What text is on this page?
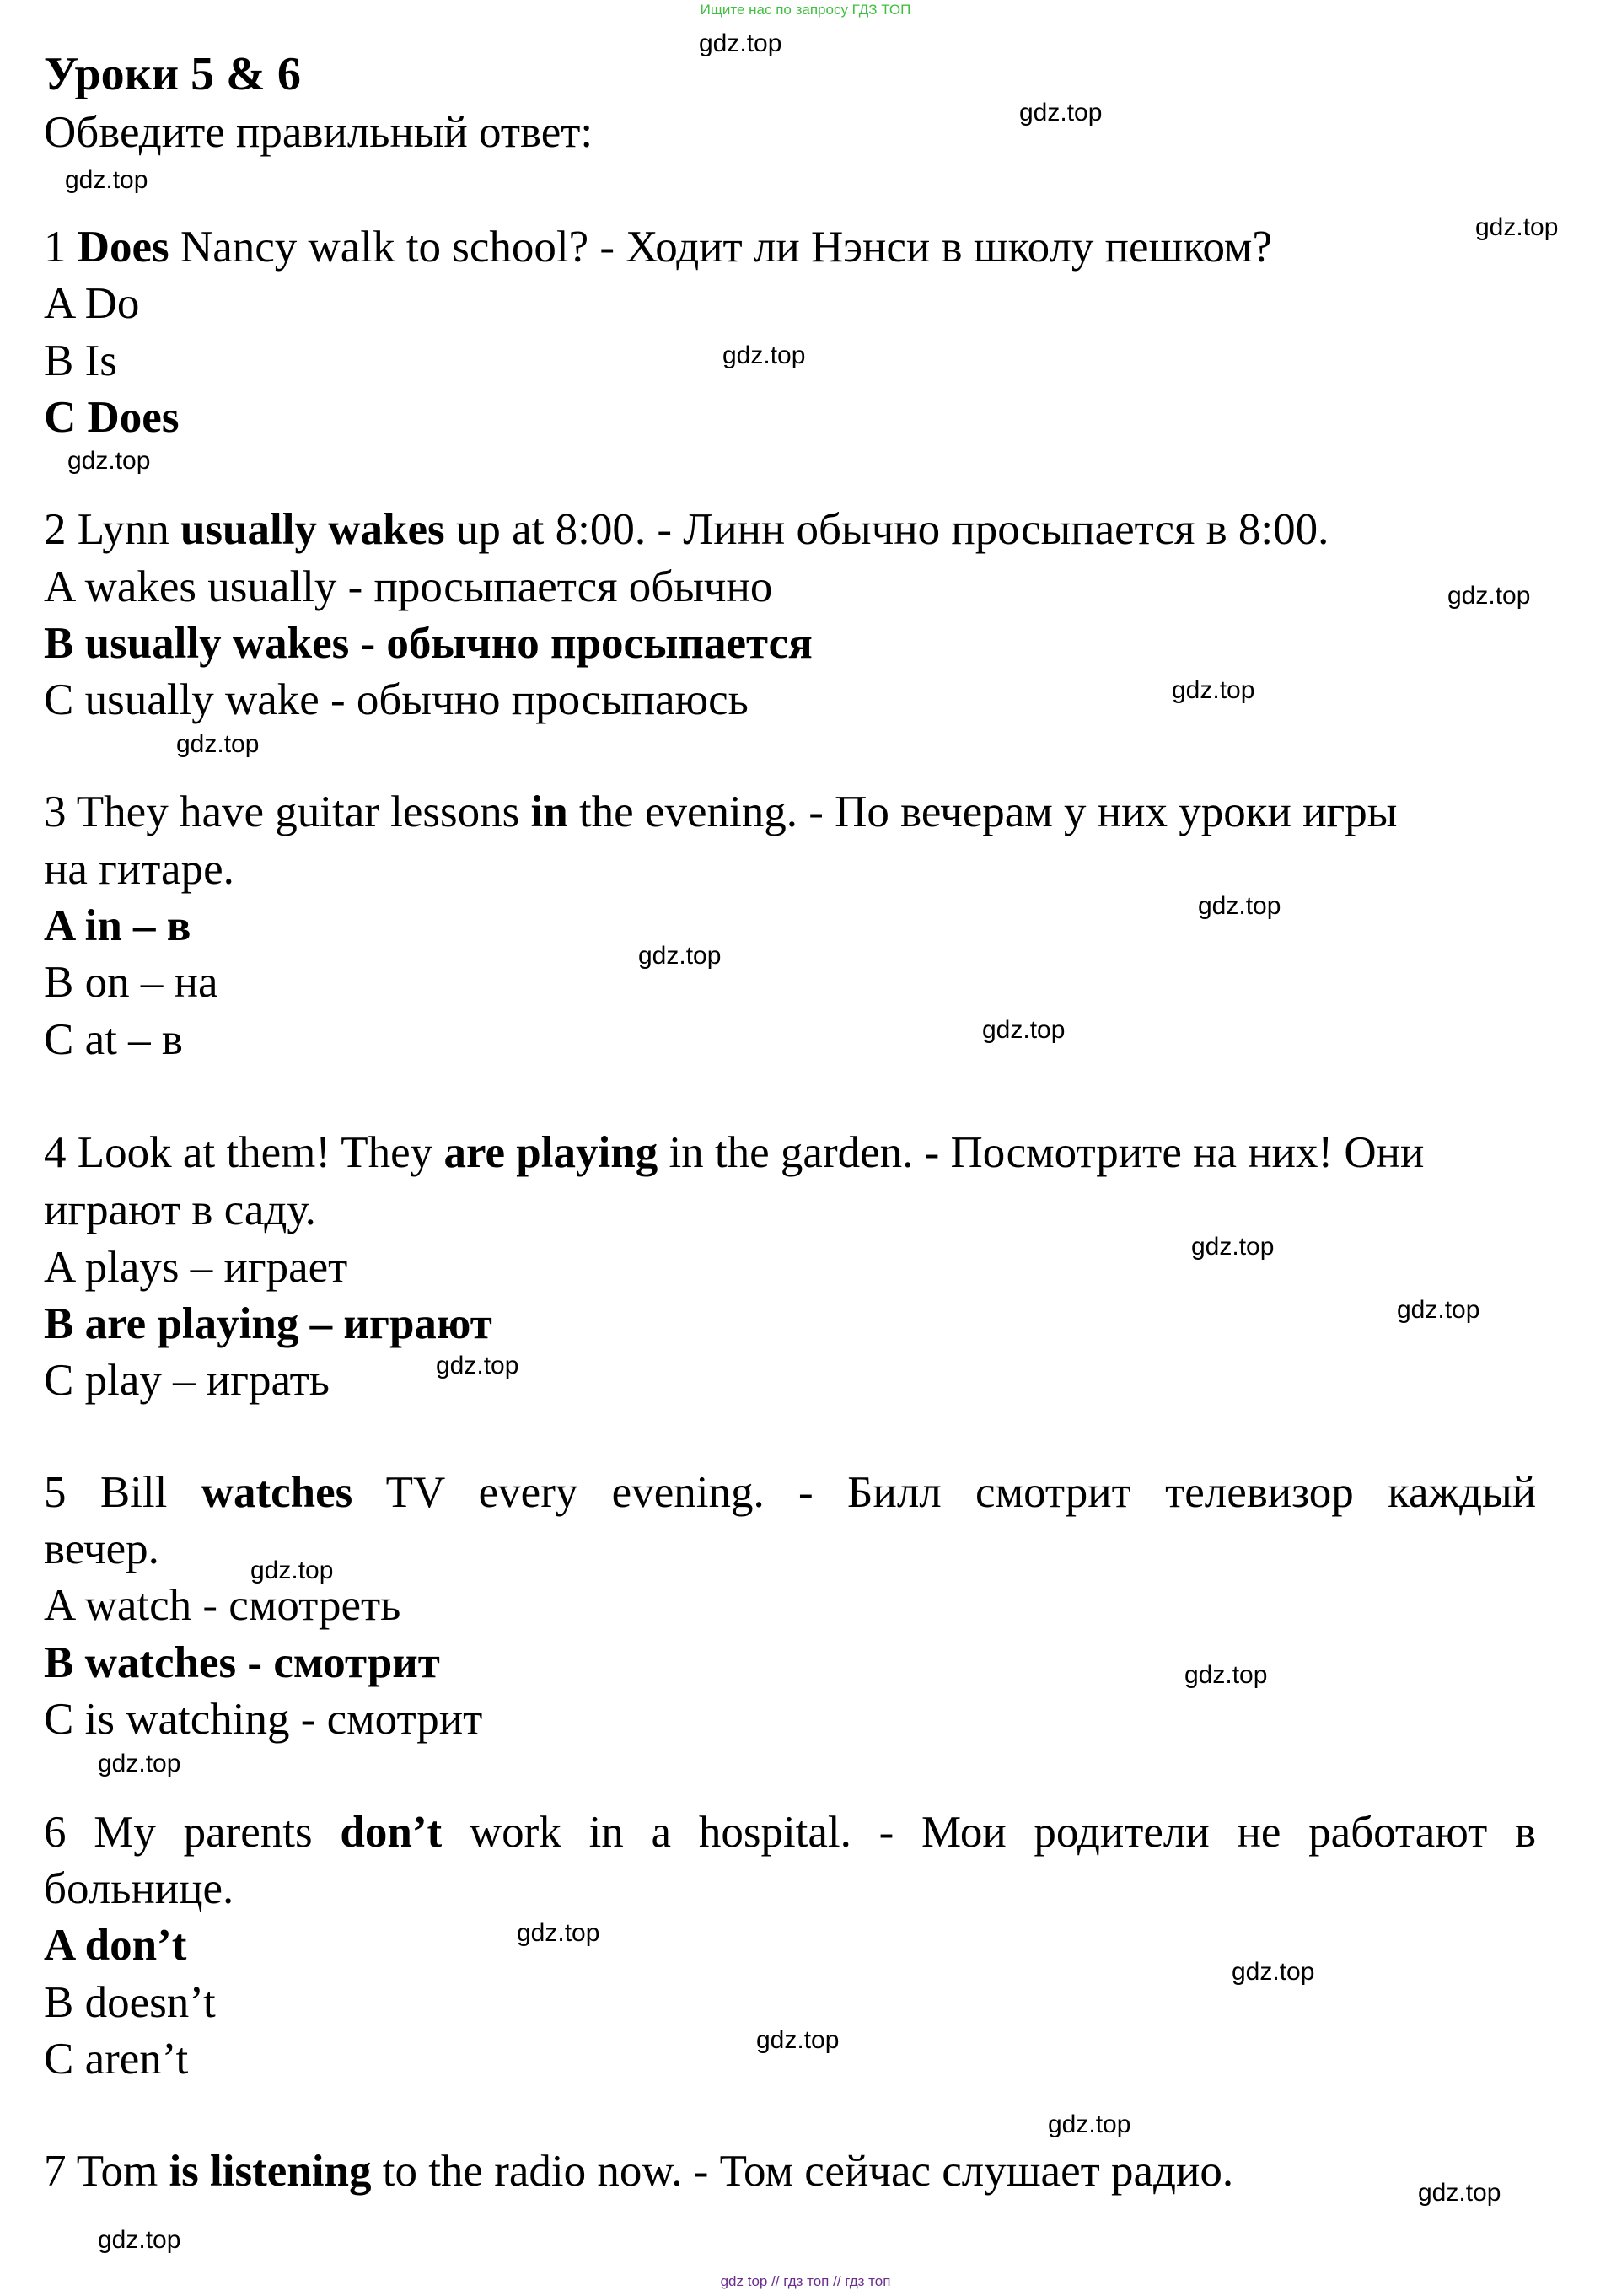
Ищите нас по запросу ГДЗ ТОП
Уроки 5 & 6
Обведите правильный ответ:
1 Does Nancy walk to school? - Ходит ли Нэнси в школу пешком?
A Do
B Is
C Does
2 Lynn usually wakes up at 8:00. - Линн обычно просыпается в 8:00.
A wakes usually - просыпается обычно
B usually wakes - обычно просыпается
C usually wake - обычно просыпаюсь
3 They have guitar lessons in the evening. - По вечерам у них уроки игры
на гитаре.
A in – в
B on – на
C at – в
4 Look at them! They are playing in the garden. - Посмотрите на них! Они
играют в саду.
A plays – играет
B are playing – играют
C play – играть
5 Bill watches TV every evening. - Билл смотрит телевизор каждый
вечер.
A watch - смотреть
B watches - смотрит
C is watching - смотрит
6 My parents don’t work in a hospital. - Мои родители не работают в
больнице.
A don’t
B doesn’t
C aren’t
7 Tom is listening to the radio now. - Том сейчас слушает радио.
gdz.top
gdz.top
gdz.top
gdz.top
gdz.top
gdz.top
gdz.top
gdz.top
gdz.top
gdz.top
gdz.top
gdz.top
gdz.top
gdz.top
gdz.top
gdz.top
gdz.top
gdz.top
gdz.top
gdz.top
gdz.top
gdz.top
gdz.top
gdz.top
gdz top // гдз топ // гдз топ
